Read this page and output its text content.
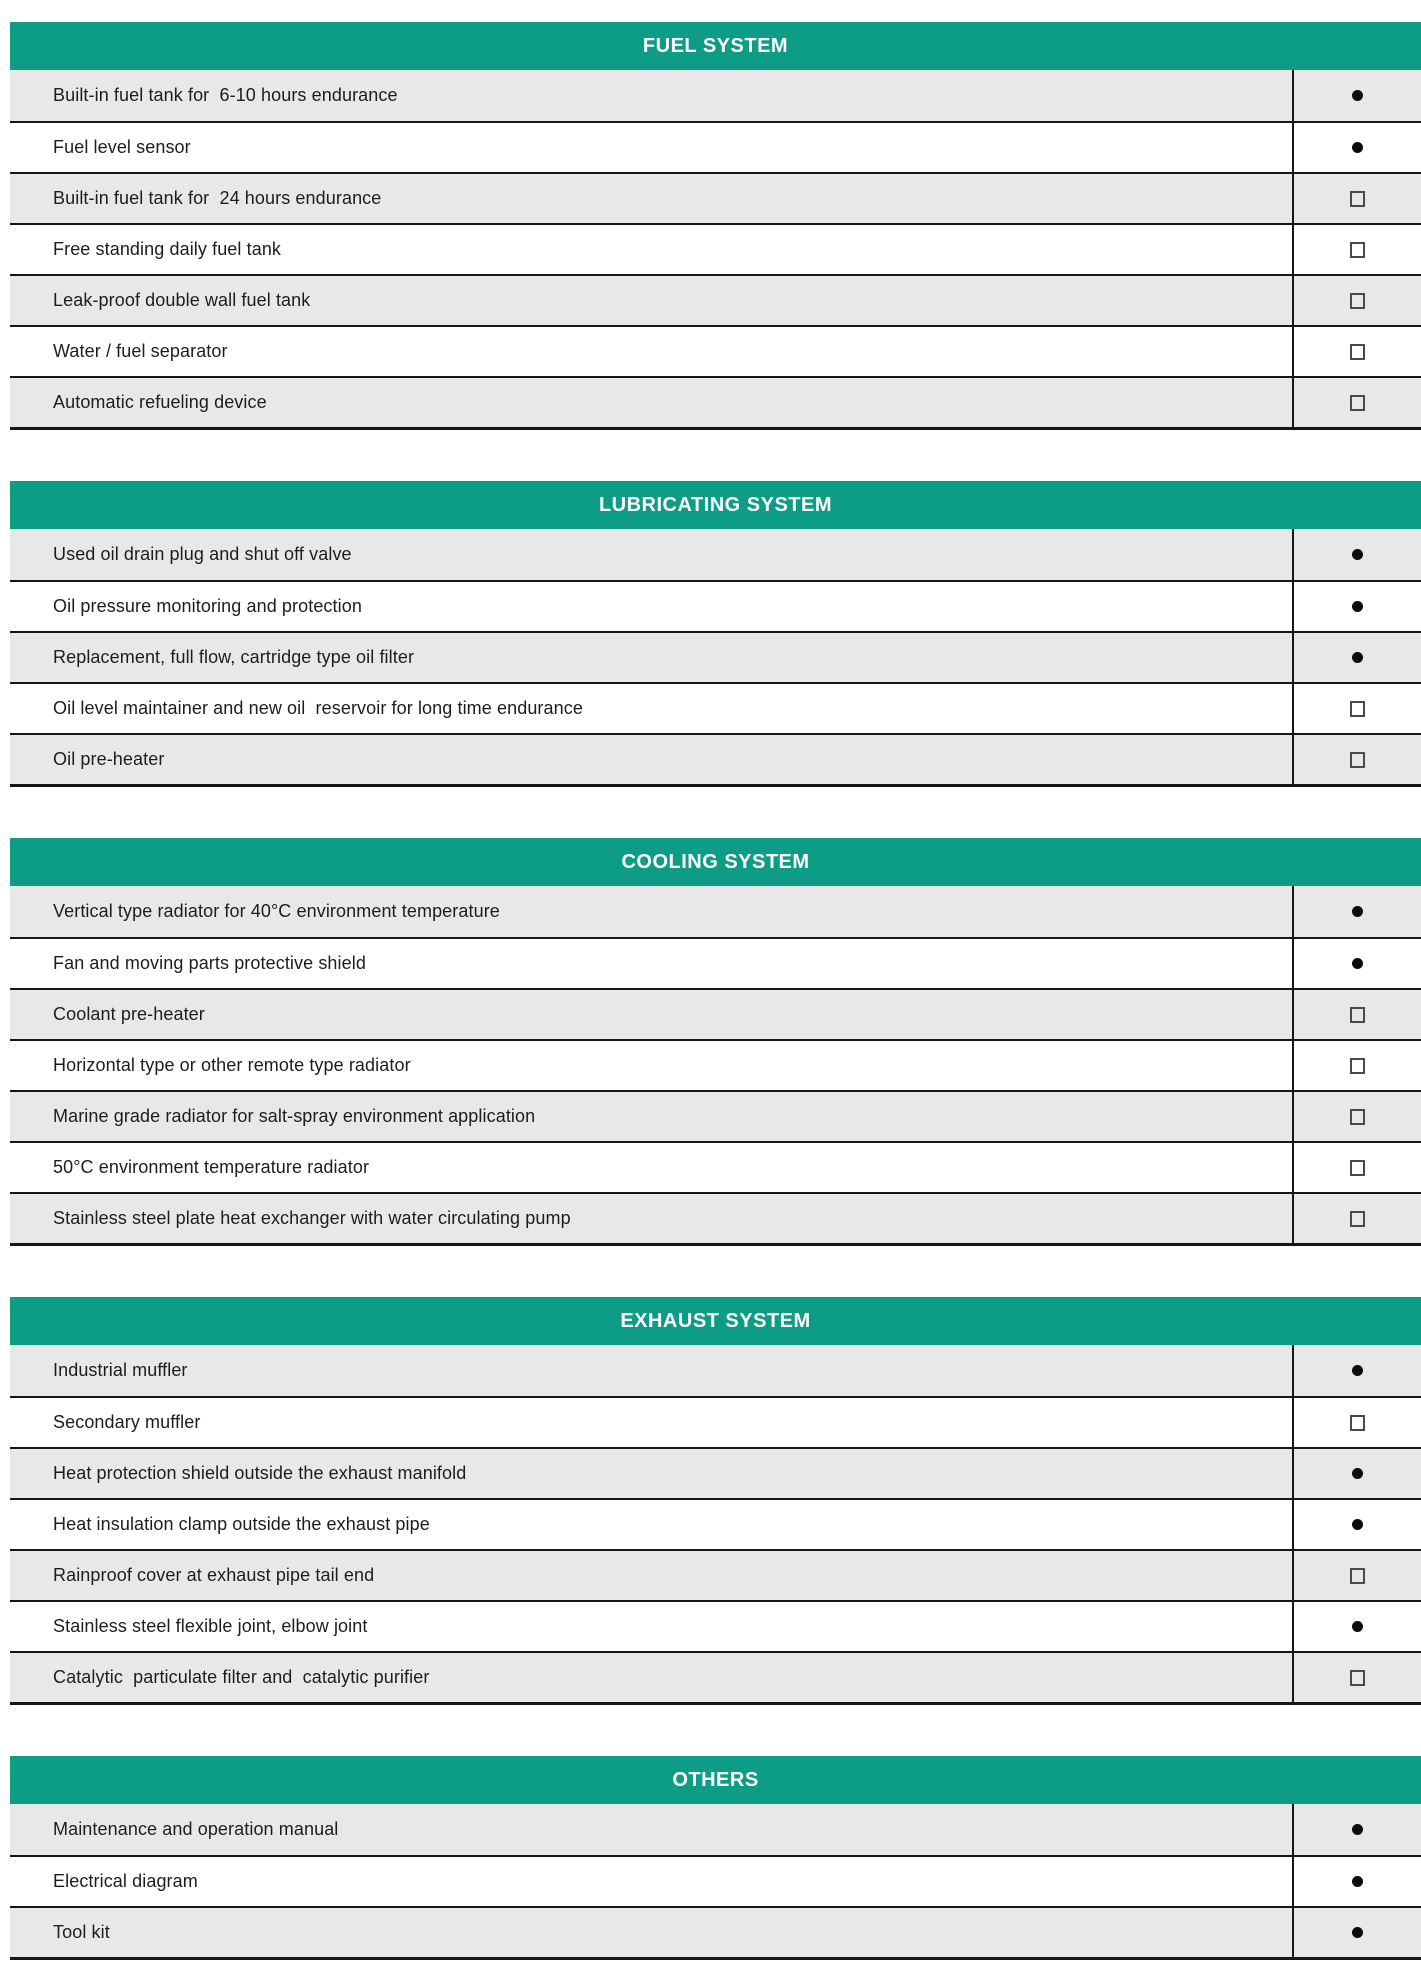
FUEL SYSTEM
Built-in fuel tank for  6-10 hours endurance
Fuel level sensor
Built-in fuel tank for  24 hours endurance
Free standing daily fuel tank
Leak-proof double wall fuel tank
Water / fuel separator
Automatic refueling device
LUBRICATING SYSTEM
Used oil drain plug and shut off valve
Oil pressure monitoring and protection
Replacement, full flow, cartridge type oil filter
Oil level maintainer and new oil  reservoir for long time endurance
Oil pre-heater
COOLING SYSTEM
Vertical type radiator for 40°C environment temperature
Fan and moving parts protective shield
Coolant pre-heater
Horizontal type or other remote type radiator
Marine grade radiator for salt-spray environment application
50°C environment temperature radiator
Stainless steel plate heat exchanger with water circulating pump
EXHAUST SYSTEM
Industrial muffler
Secondary muffler
Heat protection shield outside the exhaust manifold
Heat insulation clamp outside the exhaust pipe
Rainproof cover at exhaust pipe tail end
Stainless steel flexible joint, elbow joint
Catalytic  particulate filter and  catalytic purifier
OTHERS
Maintenance and operation manual
Electrical diagram
Tool kit
